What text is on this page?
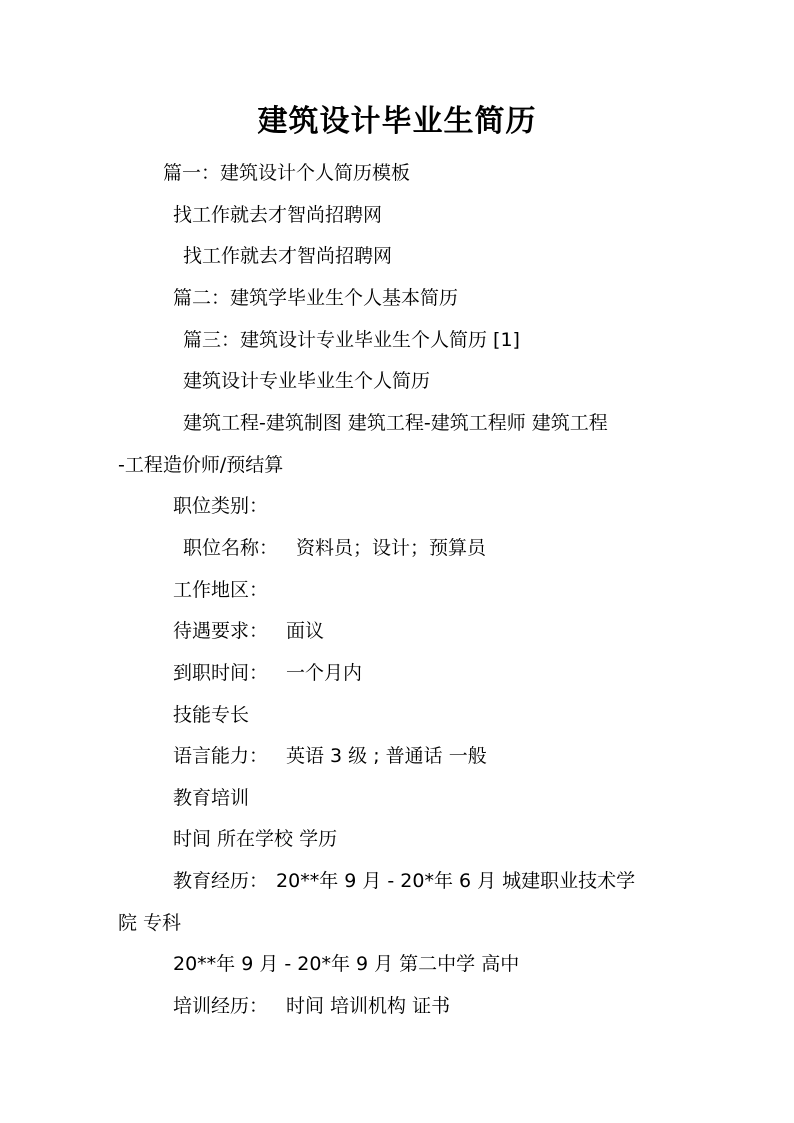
建筑设计毕业生简历
篇一：建筑设计个人简历模板
找工作就去才智尚招聘网
找工作就去才智尚招聘网
篇二：建筑学毕业生个人基本简历
篇三：建筑设计专业毕业生个人简历 [1]
建筑设计专业毕业生个人简历
建筑工程-建筑制图 建筑工程-建筑工程师 建筑工程
-工程造价师/预结算
职位类别：
职位名称： 资料员；设计；预算员
工作地区：
待遇要求： 面议
到职时间： 一个月内
技能专长
语言能力： 英语 3 级 ; 普通话 一般
教育培训
时间 所在学校 学历
教育经历： 20**年 9 月 - 20*年 6 月 城建职业技术学
院 专科
20**年 9 月 - 20*年 9 月 第二中学 高中
培训经历： 时间 培训机构 证书
